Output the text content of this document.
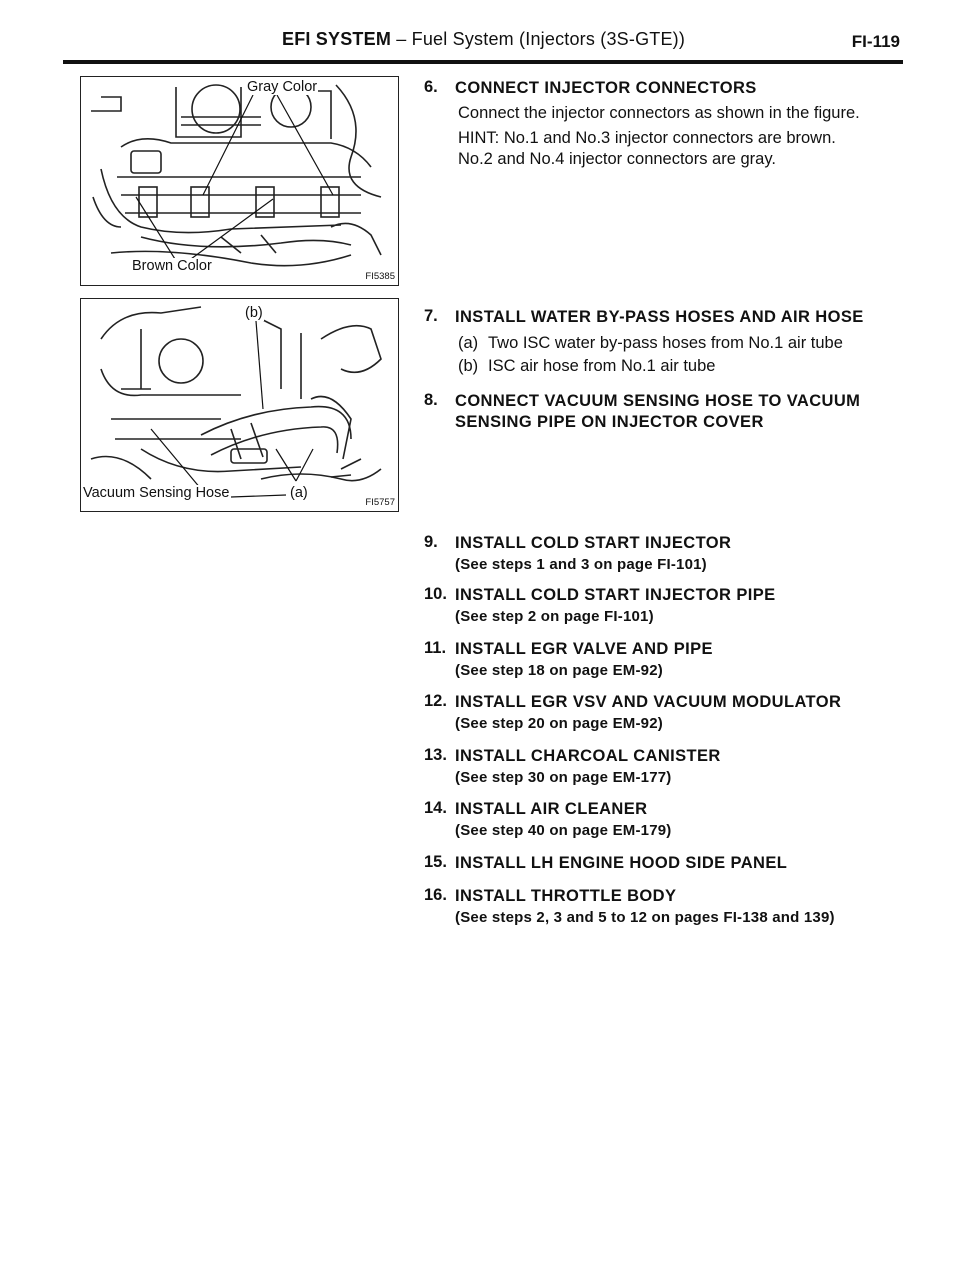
EFI SYSTEM – Fuel System (Injectors (3S-GTE))	FI-119
Gray Color
Brown Color
FI5385
(b)
Vacuum Sensing Hose	(a)
FI5757
6. CONNECT INJECTOR CONNECTORS
Connect the injector connectors as shown in the figure.
HINT: No.1 and No.3 injector connectors are brown.
No.2 and No.4 injector connectors are gray.
7. INSTALL WATER BY-PASS HOSES AND AIR HOSE
(a) Two ISC water by-pass hoses from No.1 air tube
(b) ISC air hose from No.1 air tube
8. CONNECT VACUUM SENSING HOSE TO VACUUM SENSING PIPE ON INJECTOR COVER
9. INSTALL COLD START INJECTOR
(See steps 1 and 3 on page FI-101)
10. INSTALL COLD START INJECTOR PIPE
(See step 2 on page FI-101)
11. INSTALL EGR VALVE AND PIPE
(See step 18 on page EM-92)
12. INSTALL EGR VSV AND VACUUM MODULATOR
(See step 20 on page EM-92)
13. INSTALL CHARCOAL CANISTER
(See step 30 on page EM-177)
14. INSTALL AIR CLEANER
(See step 40 on page EM-179)
15. INSTALL LH ENGINE HOOD SIDE PANEL
16. INSTALL THROTTLE BODY
(See steps 2, 3 and 5 to 12 on pages FI-138 and 139)
